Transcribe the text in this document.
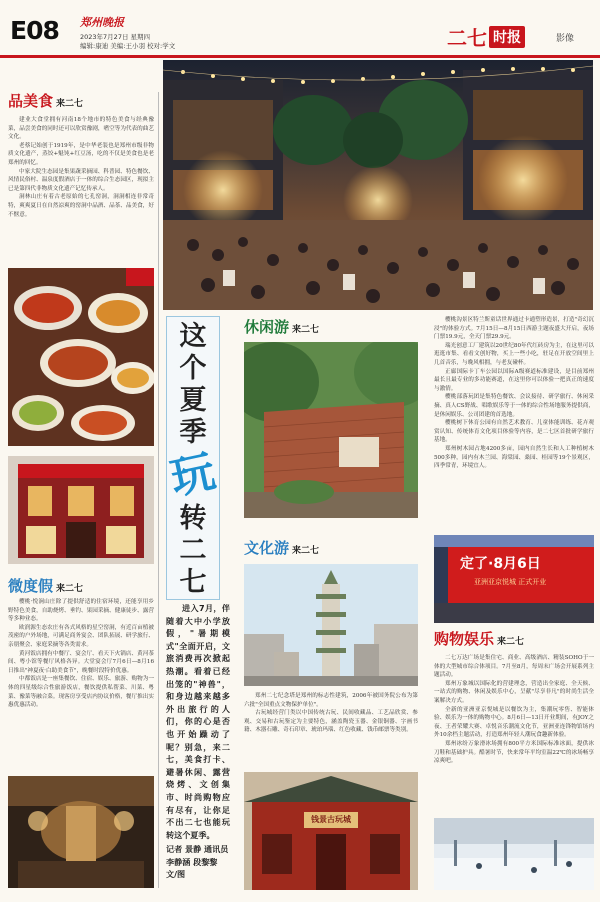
E08 郑州晚报
2023年7月27日 星期四
编辑:康迪 美编:王小羽 校对:学文	二七 时报	影像
品美食 来二七

建业大食堂拥有河南18个地市的特色美食与经典豫菜，品尝美食的同时还可以欣赏豫剧，嗜空等为代表的曲艺文化。

老蔡记始创于1919年，是中华老装也是郑州市级非物质文化遗产，蒸饺+魁饨+红豆汤，吃的不仅是美食也是老郑州的回忆。

中家大院生态园是集果蔬采摘园、科普园、特色餐饮、风情民俗村、温泉度假酒店于一体的综合生态园区，现拟主已是第四代非物质文化遗产记忆传承人。

洞林山庄有着古老原始的七孔窑洞，洞洞相连非常奇特，爽爽夏日在自然凉爽的窑洞中品酒、品茶、品美食，好不惬意。

微度假 来二七

樱桃·悦涧山庄除了提供舒适的住宿环境，还能享用乡野特色美食，自助烧烤、垂钓、果园采摘、健康徒步、露营等多种业态。

欧润源生态农庄有各式风格的星空窑洞，有近百亩植被茂密的户外场地，可满足商务宴会、团队拓展、研学旅行、亲朋聚会、家庭采摘等各类需求。

黄河饭店拥有中餐厅、宴会厅、看天下火锅店、黄河茶间、粤小馆等餐厅风格各异。大堂宴会厅7月6日—8月16日推出"神夏夜·白助美食节"，晚餐时段特价优惠。

中都饭店是一座集餐饮、住宿、娱乐、旅游、购物为一体的四星级综合性旅游饭店，餐饮提供私帮菜、川菜、粤菜、豫菜等融合菜。现客房享受店内协议价格，餐厅推出实惠优惠活动。

这个夏季
玩
转二七

进入7月，伴随着大中小学放假，"暑期模式"全面开启，文旅消费再次掀起热潮。看着已经出笼的"神兽"，和身边越来越多外出旅行的人们，你的心是否也开始躁动了呢？别急，来二七，美食打卡、避暑休闲、露营烧烤、文创集市、时尚购物应有尽有，让你足不出二七也能玩转这个夏季。

记者 景静 通讯员 李静涵 段黎黎 文/图

休闲游 来二七
文化游 来二七

郑州二七纪念塔是郑州的标志性建筑，2006年被国务院公布为第六批"全国重点文物保护单位"。

古玩城经营门类以中国传统古玩、民间收藏品、工艺品欣赏、参观、交易和古玩鉴定为主要特色，涵盖陶瓷玉器、金银铜器、字画书籍、木器石雕、奇石印章、琥珀玛瑙、红色收藏、钱币邮票等类别。

钱景古玩城

樱桃沟景区特兰斯童话世界通过卡通塑形造景，打造"奇幻沉浸"的体验方式。7月15日—8月15日西游主题夜盛大开启，夜场门票19.9元，全天门票29.9元。

瑞光创意工厂建筑以20世纪80年代红砖房为主，在这里可以逛逛市集、看看文创好物，买上一些小吃，驻足在开放空间里上几首音乐，与晚风相拥，与老友碰杯。

正廊国际卡丁车公园以国际A级赛道标准建设，是目前郑州最长且最专业的多功能赛道，在这里你可以体验一把真正的速度与激情。

樱桃部落玩团是集特色餐饮、会议接待、研学旅行、休闲采摘、真人CS野战、唱歌娱乐等于一体的综合性场地服务提供商，是休闲娱乐、公司团建的首选地。

樱桃树下休育公园有自然艺术教育、儿童体能训练、花卉观赏认知、传统体育文化项目体验等内容，是二七区首批研学旅行基地。

郑州树木园占地4200多亩，园内自然生长和人工种植树木500多种，园内有木兰园、海棠园、桑园、桂园等19个景观区，四季常青，环境宜人。

定了·8月6日
亚洲亚京悦城 正式开业
购物娱乐 来二七

二七万达广场是集住宅、商业、高级酒店、精装SOHO于一体的大型城市综合体项目。7月至8月，每周末广场会开展系列主题活动。

郑州万象城以国际化的营建理念，营造出全家庭、全天候、一站式的购物、休闲及娱乐中心，呈献"尽享非凡"的时尚生活全案解决方式。

全新的亚洲亚京悦城是以餐饮为主，集潮玩零售、智能体验、娱乐为一体的购物中心。8月6日—13日开业期间，有JOY之夜、王者荣耀大赛、卓悦音乐潮流文化节，亚洲亚连锋物馆场内外10余档主题活动，打造郑州年轻人潮玩食趣新体验。

郑州冰纷万象滑冰场拥有800平方米国际标准冰面，提供冰刀鞋和基础护具。酷暑时节，快来常年平均室温22℃的冰场畅享凉爽吧。
